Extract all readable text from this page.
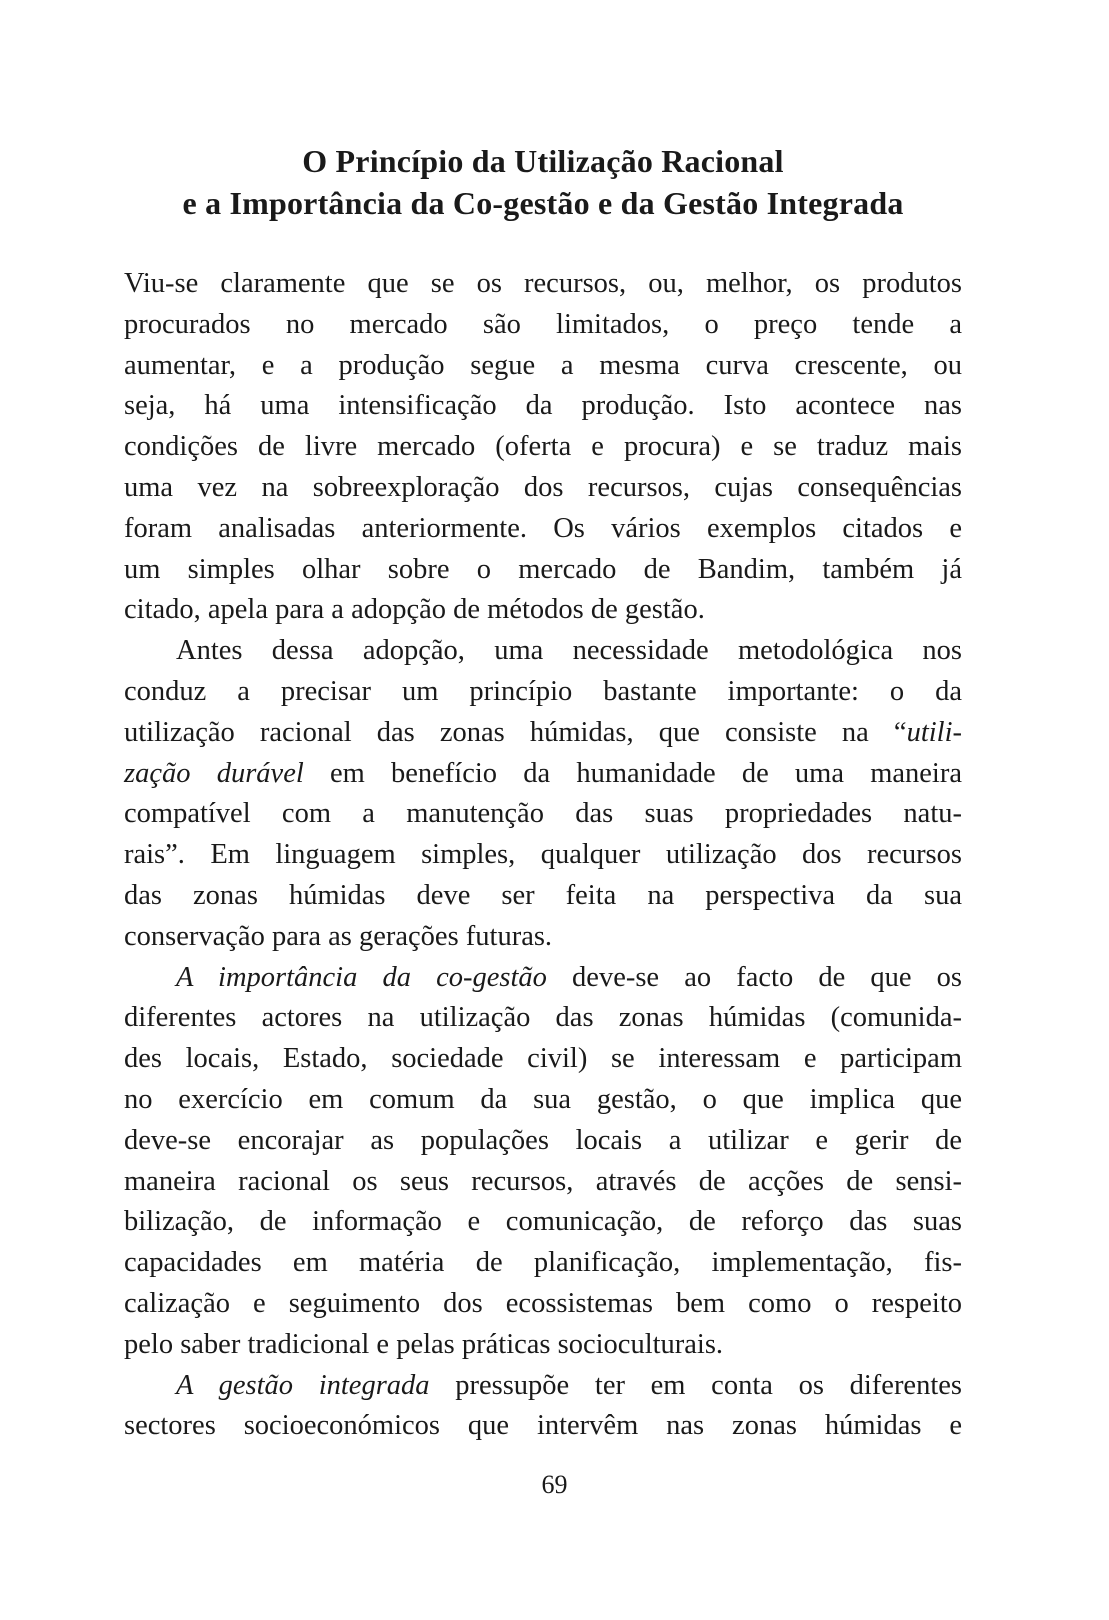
O Princípio da Utilização Racional
e a Importância da Co-gestão e da Gestão Integrada

Viu-se claramente que se os recursos, ou, melhor, os produtos
procurados no mercado são limitados, o preço tende a
aumentar, e a produção segue a mesma curva crescente, ou
seja, há uma intensificação da produção. Isto acontece nas
condições de livre mercado (oferta e procura) e se traduz mais
uma vez na sobreexploração dos recursos, cujas consequências
foram analisadas anteriormente. Os vários exemplos citados e
um simples olhar sobre o mercado de Bandim, também já
citado, apela para a adopção de métodos de gestão.

Antes dessa adopção, uma necessidade metodológica nos
conduz a precisar um princípio bastante importante: o da
utilização racional das zonas húmidas, que consiste na “utili-
zação durável em benefício da humanidade de uma maneira
compatível com a manutenção das suas propriedades natu-
rais”. Em linguagem simples, qualquer utilização dos recursos
das zonas húmidas deve ser feita na perspectiva da sua
conservação para as gerações futuras.

A importância da co-gestão deve-se ao facto de que os
diferentes actores na utilização das zonas húmidas (comunida-
des locais, Estado, sociedade civil) se interessam e participam
no exercício em comum da sua gestão, o que implica que
deve-se encorajar as populações locais a utilizar e gerir de
maneira racional os seus recursos, através de acções de sensi-
bilização, de informação e comunicação, de reforço das suas
capacidades em matéria de planificação, implementação, fis-
calização e seguimento dos ecossistemas bem como o respeito
pelo saber tradicional e pelas práticas socioculturais.

A gestão integrada pressupõe ter em conta os diferentes
sectores socioeconómicos que intervêm nas zonas húmidas e

69
